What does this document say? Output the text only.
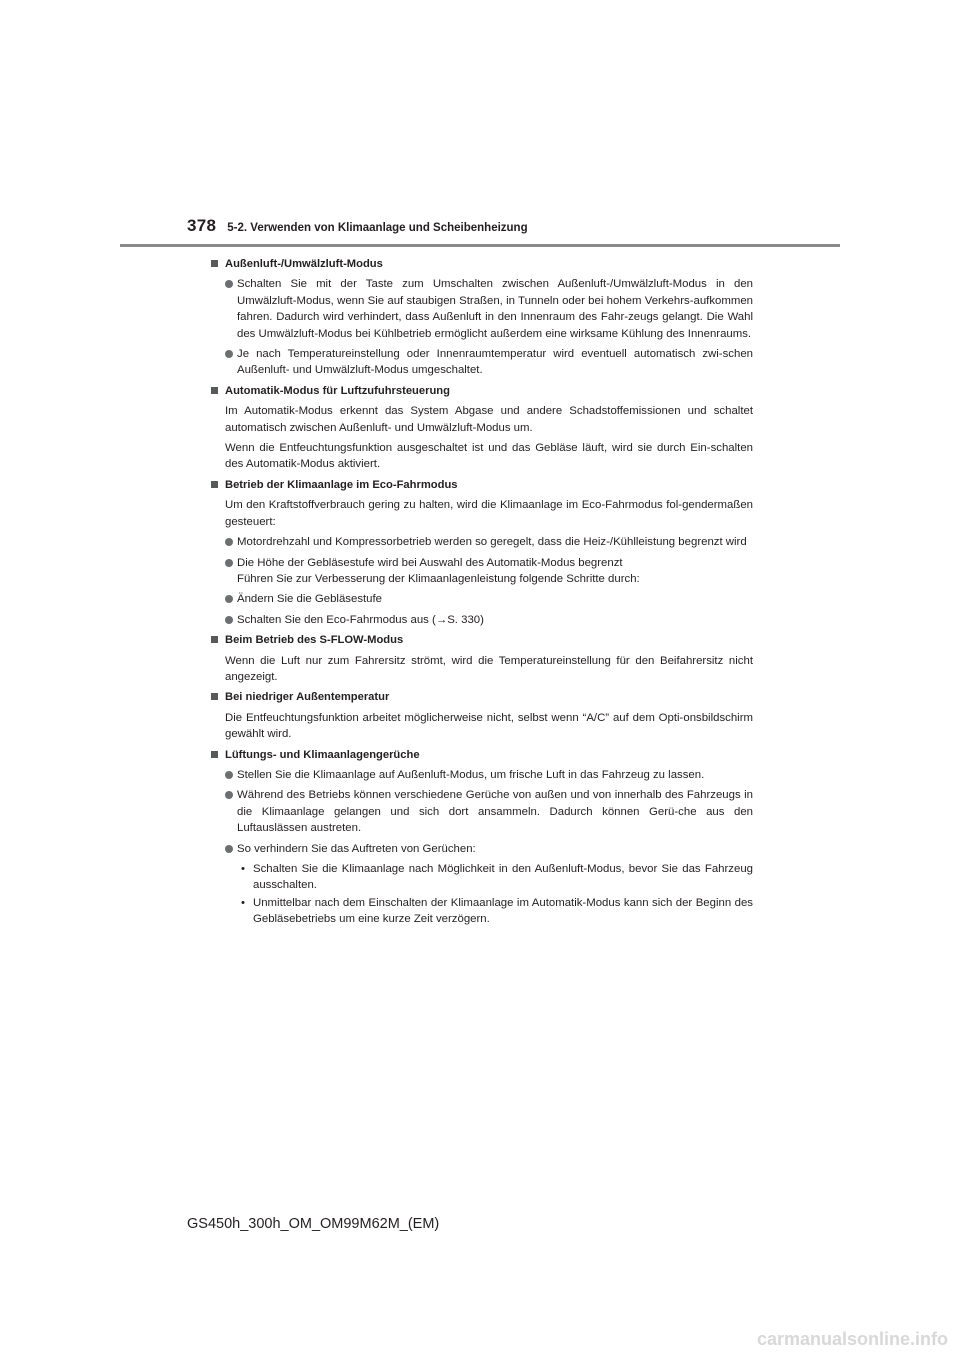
378 5-2. Verwenden von Klimaanlage und Scheibenheizung
Außenluft-/Umwälzluft-Modus
Schalten Sie mit der Taste zum Umschalten zwischen Außenluft-/Umwälzluft-Modus in den Umwälzluft-Modus, wenn Sie auf staubigen Straßen, in Tunneln oder bei hohem Verkehrs-aufkommen fahren. Dadurch wird verhindert, dass Außenluft in den Innenraum des Fahr-zeugs gelangt. Die Wahl des Umwälzluft-Modus bei Kühlbetrieb ermöglicht außerdem eine wirksame Kühlung des Innenraums.
Je nach Temperatureinstellung oder Innenraumtemperatur wird eventuell automatisch zwi-schen Außenluft- und Umwälzluft-Modus umgeschaltet.
Automatik-Modus für Luftzufuhrsteuerung
Im Automatik-Modus erkennt das System Abgase und andere Schadstoffemissionen und schaltet automatisch zwischen Außenluft- und Umwälzluft-Modus um.
Wenn die Entfeuchtungsfunktion ausgeschaltet ist und das Gebläse läuft, wird sie durch Ein-schalten des Automatik-Modus aktiviert.
Betrieb der Klimaanlage im Eco-Fahrmodus
Um den Kraftstoffverbrauch gering zu halten, wird die Klimaanlage im Eco-Fahrmodus fol-gendermaßen gesteuert:
Motordrehzahl und Kompressorbetrieb werden so geregelt, dass die Heiz-/Kühlleistung begrenzt wird
Die Höhe der Gebläsestufe wird bei Auswahl des Automatik-Modus begrenzt
Führen Sie zur Verbesserung der Klimaanlagenleistung folgende Schritte durch:
Ändern Sie die Gebläsestufe
Schalten Sie den Eco-Fahrmodus aus (→S. 330)
Beim Betrieb des S-FLOW-Modus
Wenn die Luft nur zum Fahrersitz strömt, wird die Temperatureinstellung für den Beifahrersitz nicht angezeigt.
Bei niedriger Außentemperatur
Die Entfeuchtungsfunktion arbeitet möglicherweise nicht, selbst wenn “A/C” auf dem Opti-onsbildschirm gewählt wird.
Lüftungs- und Klimaanlagengerüche
Stellen Sie die Klimaanlage auf Außenluft-Modus, um frische Luft in das Fahrzeug zu lassen.
Während des Betriebs können verschiedene Gerüche von außen und von innerhalb des Fahrzeugs in die Klimaanlage gelangen und sich dort ansammeln. Dadurch können Gerü-che aus den Luftauslässen austreten.
So verhindern Sie das Auftreten von Gerüchen:
• Schalten Sie die Klimaanlage nach Möglichkeit in den Außenluft-Modus, bevor Sie das Fahrzeug ausschalten.
• Unmittelbar nach dem Einschalten der Klimaanlage im Automatik-Modus kann sich der Beginn des Gebläsebetriebs um eine kurze Zeit verzögern.
GS450h_300h_OM_OM99M62M_(EM)
carmanualsonline.info
